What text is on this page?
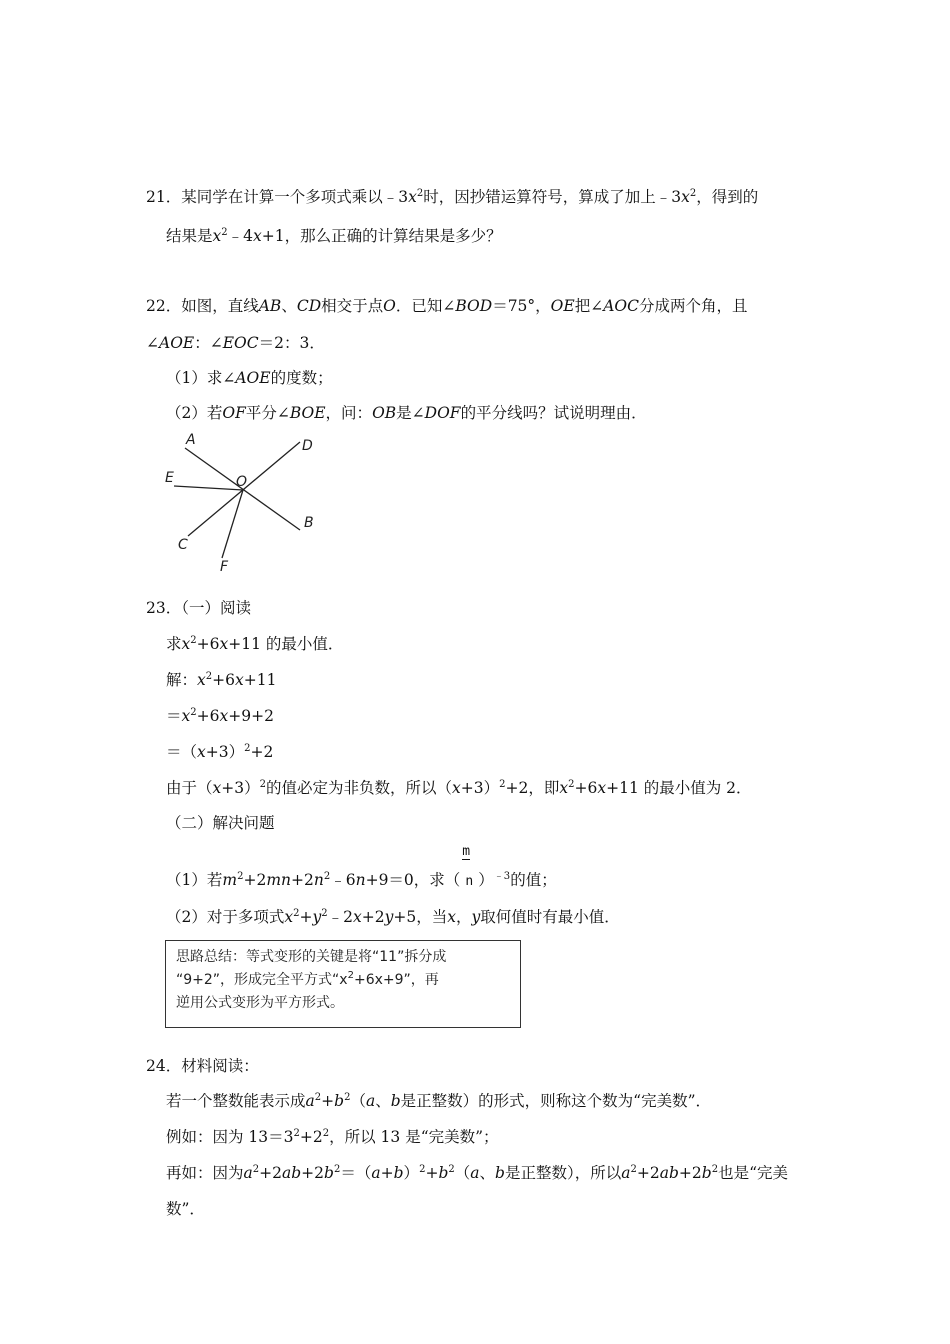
21．某同学在计算一个多项式乘以$﹣3x^2$时，因抄错运算符号，算成了加上$﹣3x^2$，得到的
结果是$x^2﹣4x+1$，那么正确的计算结果是多少？
22．如图，直线AB、CD相交于点O．已知∠BOD＝75°，OE把∠AOC分成两个角，且
∠AOE：∠EOC＝2：3．
（1）求∠AOE的度数；
（2）若OF平分∠BOE，问：OB是∠DOF的平分线吗？试说明理由．
A	D
E	O
B
C
F
23．（一）阅读
求$x^2+6x+11$ 的最小值．
解：$x^2+6x+11$
$=x^2+6x+9+2$
$=(x+3)^2+2$
由于$(x+3)^2$的值必定为非负数，所以$(x+3)^2+2$，即$x^2+6x+11$ 的最小值为 2．
（二）解决问题
（1）若$m^2+2mn+2n^2﹣6n+9=0$，求（ $\frac{m}{n})^{﹣3}$的值；
（2）对于多项式$x^2+y^2﹣2x+2y+5$，当x，y取何值时有最小值．
思路总结：等式变形的关键是将“11”拆分成
“9+2”，形成完全平方式“$x^2+6x+9$”，再
逆用公式变形为平方形式。
24．材料阅读：
若一个整数能表示成$a^2+b^2(a$、b是正整数）的形式，则称这个数为“完美数”．
例如：因为 $13=3^2+2^2$，所以 13 是“完美数”；
再如：因为$a^2+2ab+2b^2=(a+b)^2+b^2(a$、b是正整数），所以$a^2+2ab+2b^2$也是“完美
数”．
